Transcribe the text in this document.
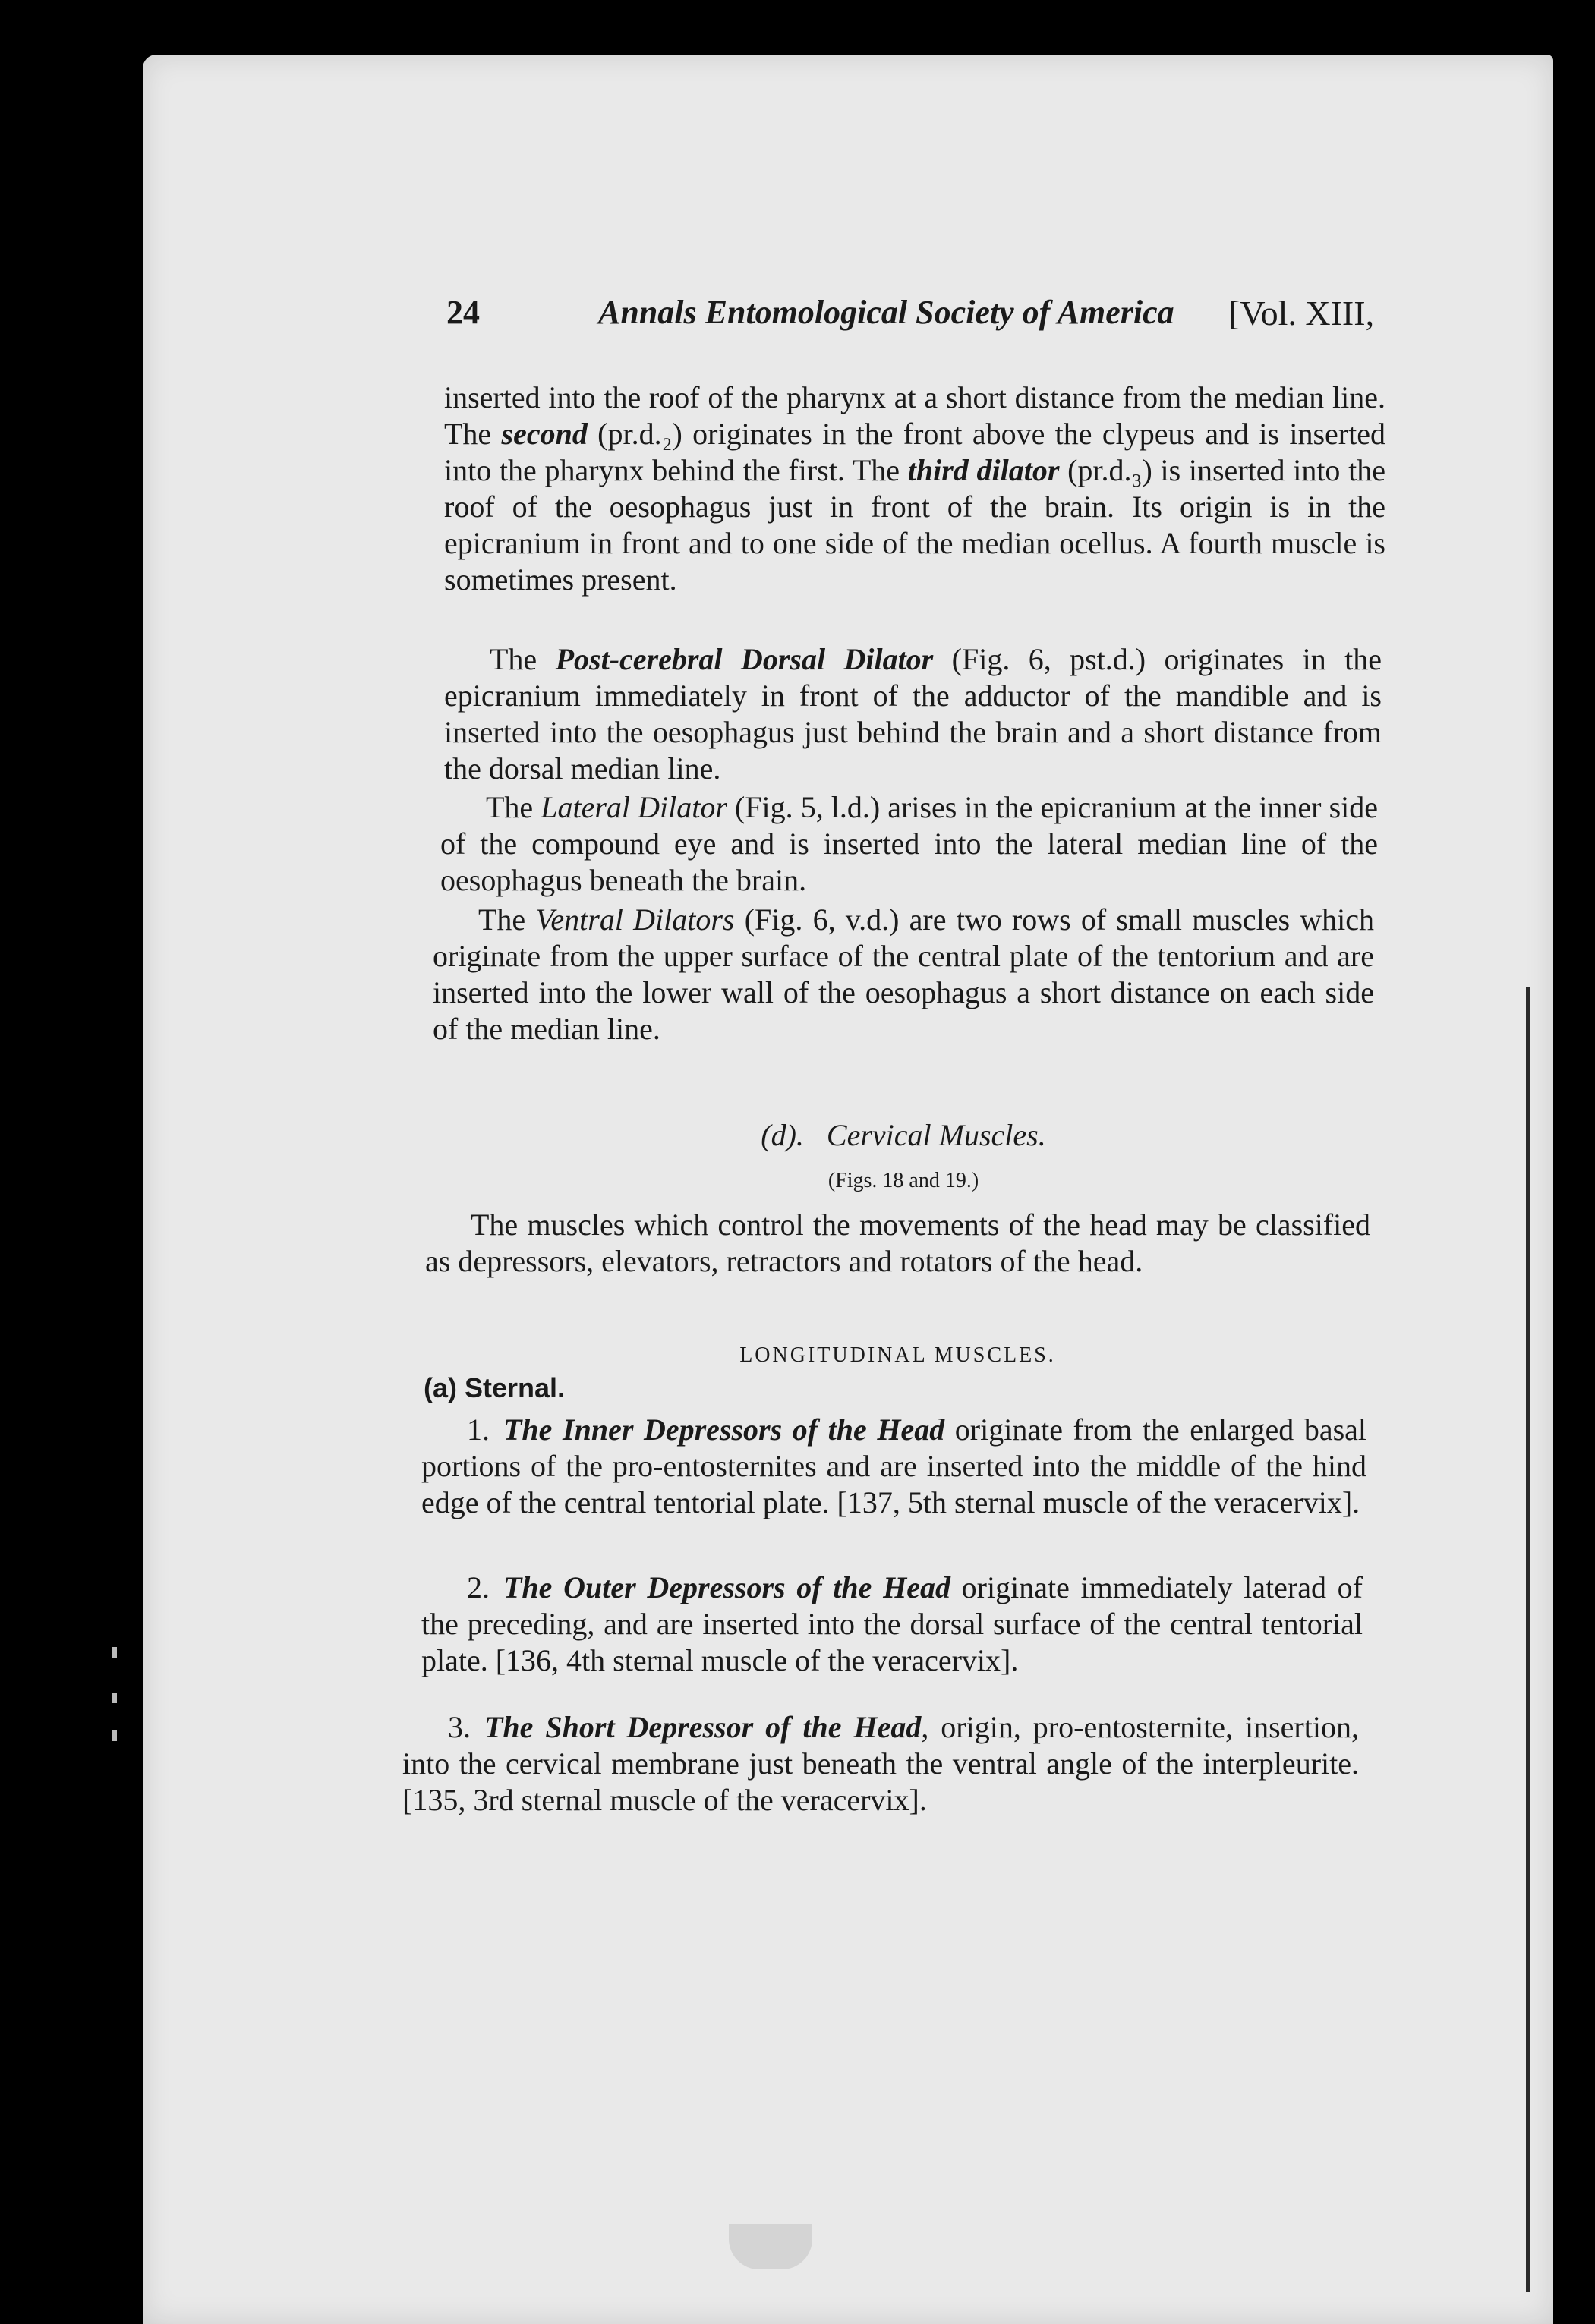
24	Annals Entomological Society of America [Vol. XIII,

inserted into the roof of the pharynx at a short distance from the median line. The second (pr.d.₂) originates in the front above the clypeus and is inserted into the pharynx behind the first. The third dilator (pr.d.₃) is inserted into the roof of the oesophagus just in front of the brain. Its origin is in the epicranium in front and to one side of the median ocellus. A fourth muscle is sometimes present.

The Post-cerebral Dorsal Dilator (Fig. 6, pst.d.) originates in the epicranium immediately in front of the adductor of the mandible and is inserted into the oesophagus just behind the brain and a short distance from the dorsal median line.

The Lateral Dilator (Fig. 5, l.d.) arises in the epicranium at the inner side of the compound eye and is inserted into the lateral median line of the oesophagus beneath the brain.

The Ventral Dilators (Fig. 6, v.d.) are two rows of small muscles which originate from the upper surface of the central plate of the tentorium and are inserted into the lower wall of the oesophagus a short distance on each side of the median line.

(d). Cervical Muscles.
(Figs. 18 and 19.)

The muscles which control the movements of the head may be classified as depressors, elevators, retractors and rotators of the head.

LONGITUDINAL MUSCLES.
(a) Sternal.

1. The Inner Depressors of the Head originate from the enlarged basal portions of the pro-entosternites and are inserted into the middle of the hind edge of the central tentorial plate. [137, 5th sternal muscle of the veracervix].

2. The Outer Depressors of the Head originate immediately laterad of the preceding, and are inserted into the dorsal surface of the central tentorial plate. [136, 4th sternal muscle of the veracervix].

3. The Short Depressor of the Head, origin, pro-entosternite, insertion, into the cervical membrane just beneath the ventral angle of the interpleurite. [135, 3rd sternal muscle of the veracervix].
